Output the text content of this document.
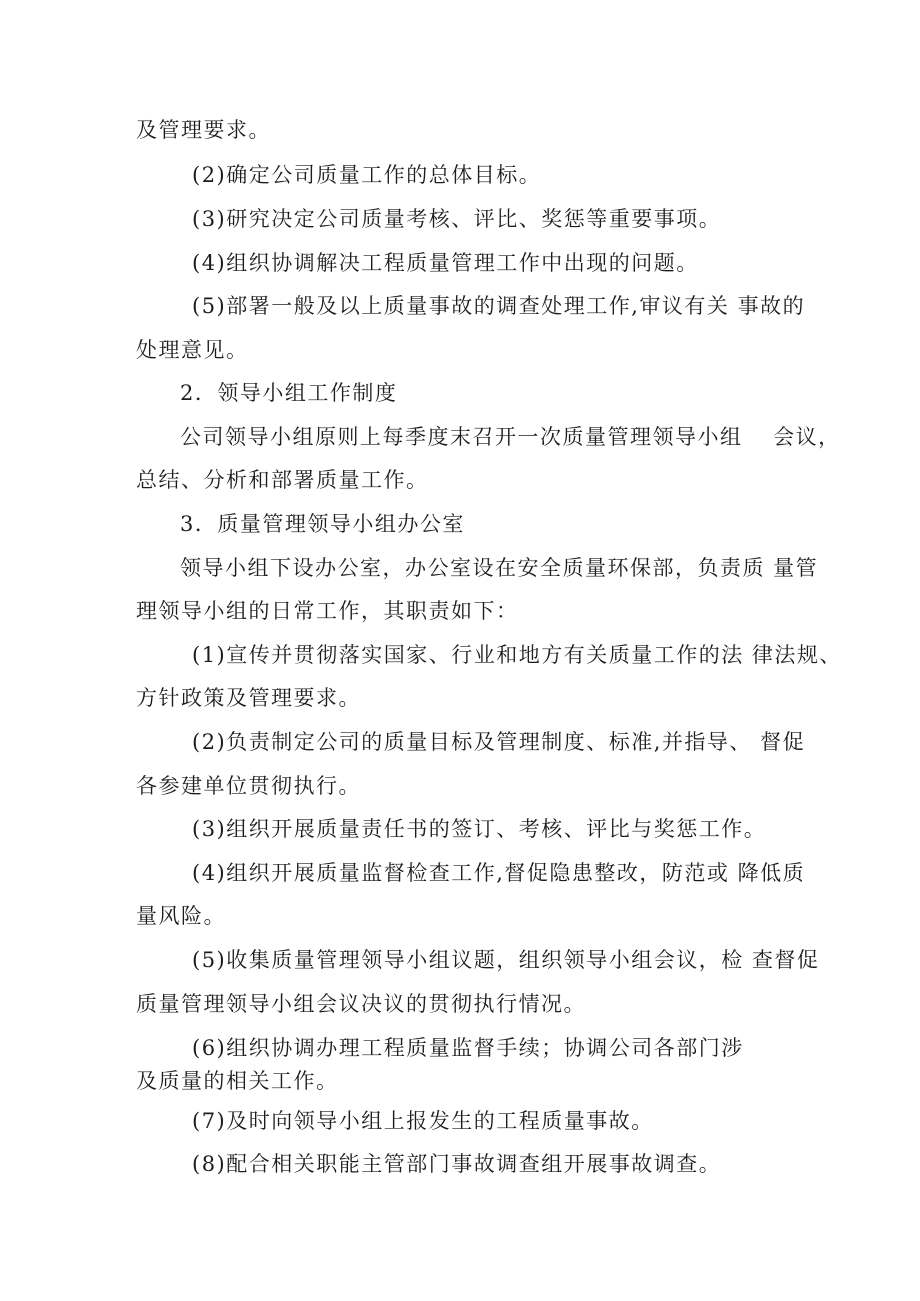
及管理要求。
(2)确定公司质量工作的总体目标。
(3)研究决定公司质量考核、评比、奖惩等重要事项。
(4)组织协调解决工程质量管理工作中出现的问题。
(5)部署一般及以上质量事故的调查处理工作,审议有关 事故的
处理意见。
2．领导小组工作制度
公司领导小组原则上每季度末召开一次质量管理领导小组　 会议，
总结、分析和部署质量工作。
3．质量管理领导小组办公室
领导小组下设办公室，办公室设在安全质量环保部，负责质 量管
理领导小组的日常工作，其职责如下：
(1)宣传并贯彻落实国家、行业和地方有关质量工作的法 律法规、
方针政策及管理要求。
(2)负责制定公司的质量目标及管理制度、标准,并指导、 督促
各参建单位贯彻执行。
(3)组织开展质量责任书的签订、考核、评比与奖惩工作。
(4)组织开展质量监督检查工作,督促隐患整改，防范或 降低质
量风险。
(5)收集质量管理领导小组议题，组织领导小组会议，检 查督促
质量管理领导小组会议决议的贯彻执行情况。
(6)组织协调办理工程质量监督手续；协调公司各部门涉
及质量的相关工作。
(7)及时向领导小组上报发生的工程质量事故。
(8)配合相关职能主管部门事故调查组开展事故调查。
